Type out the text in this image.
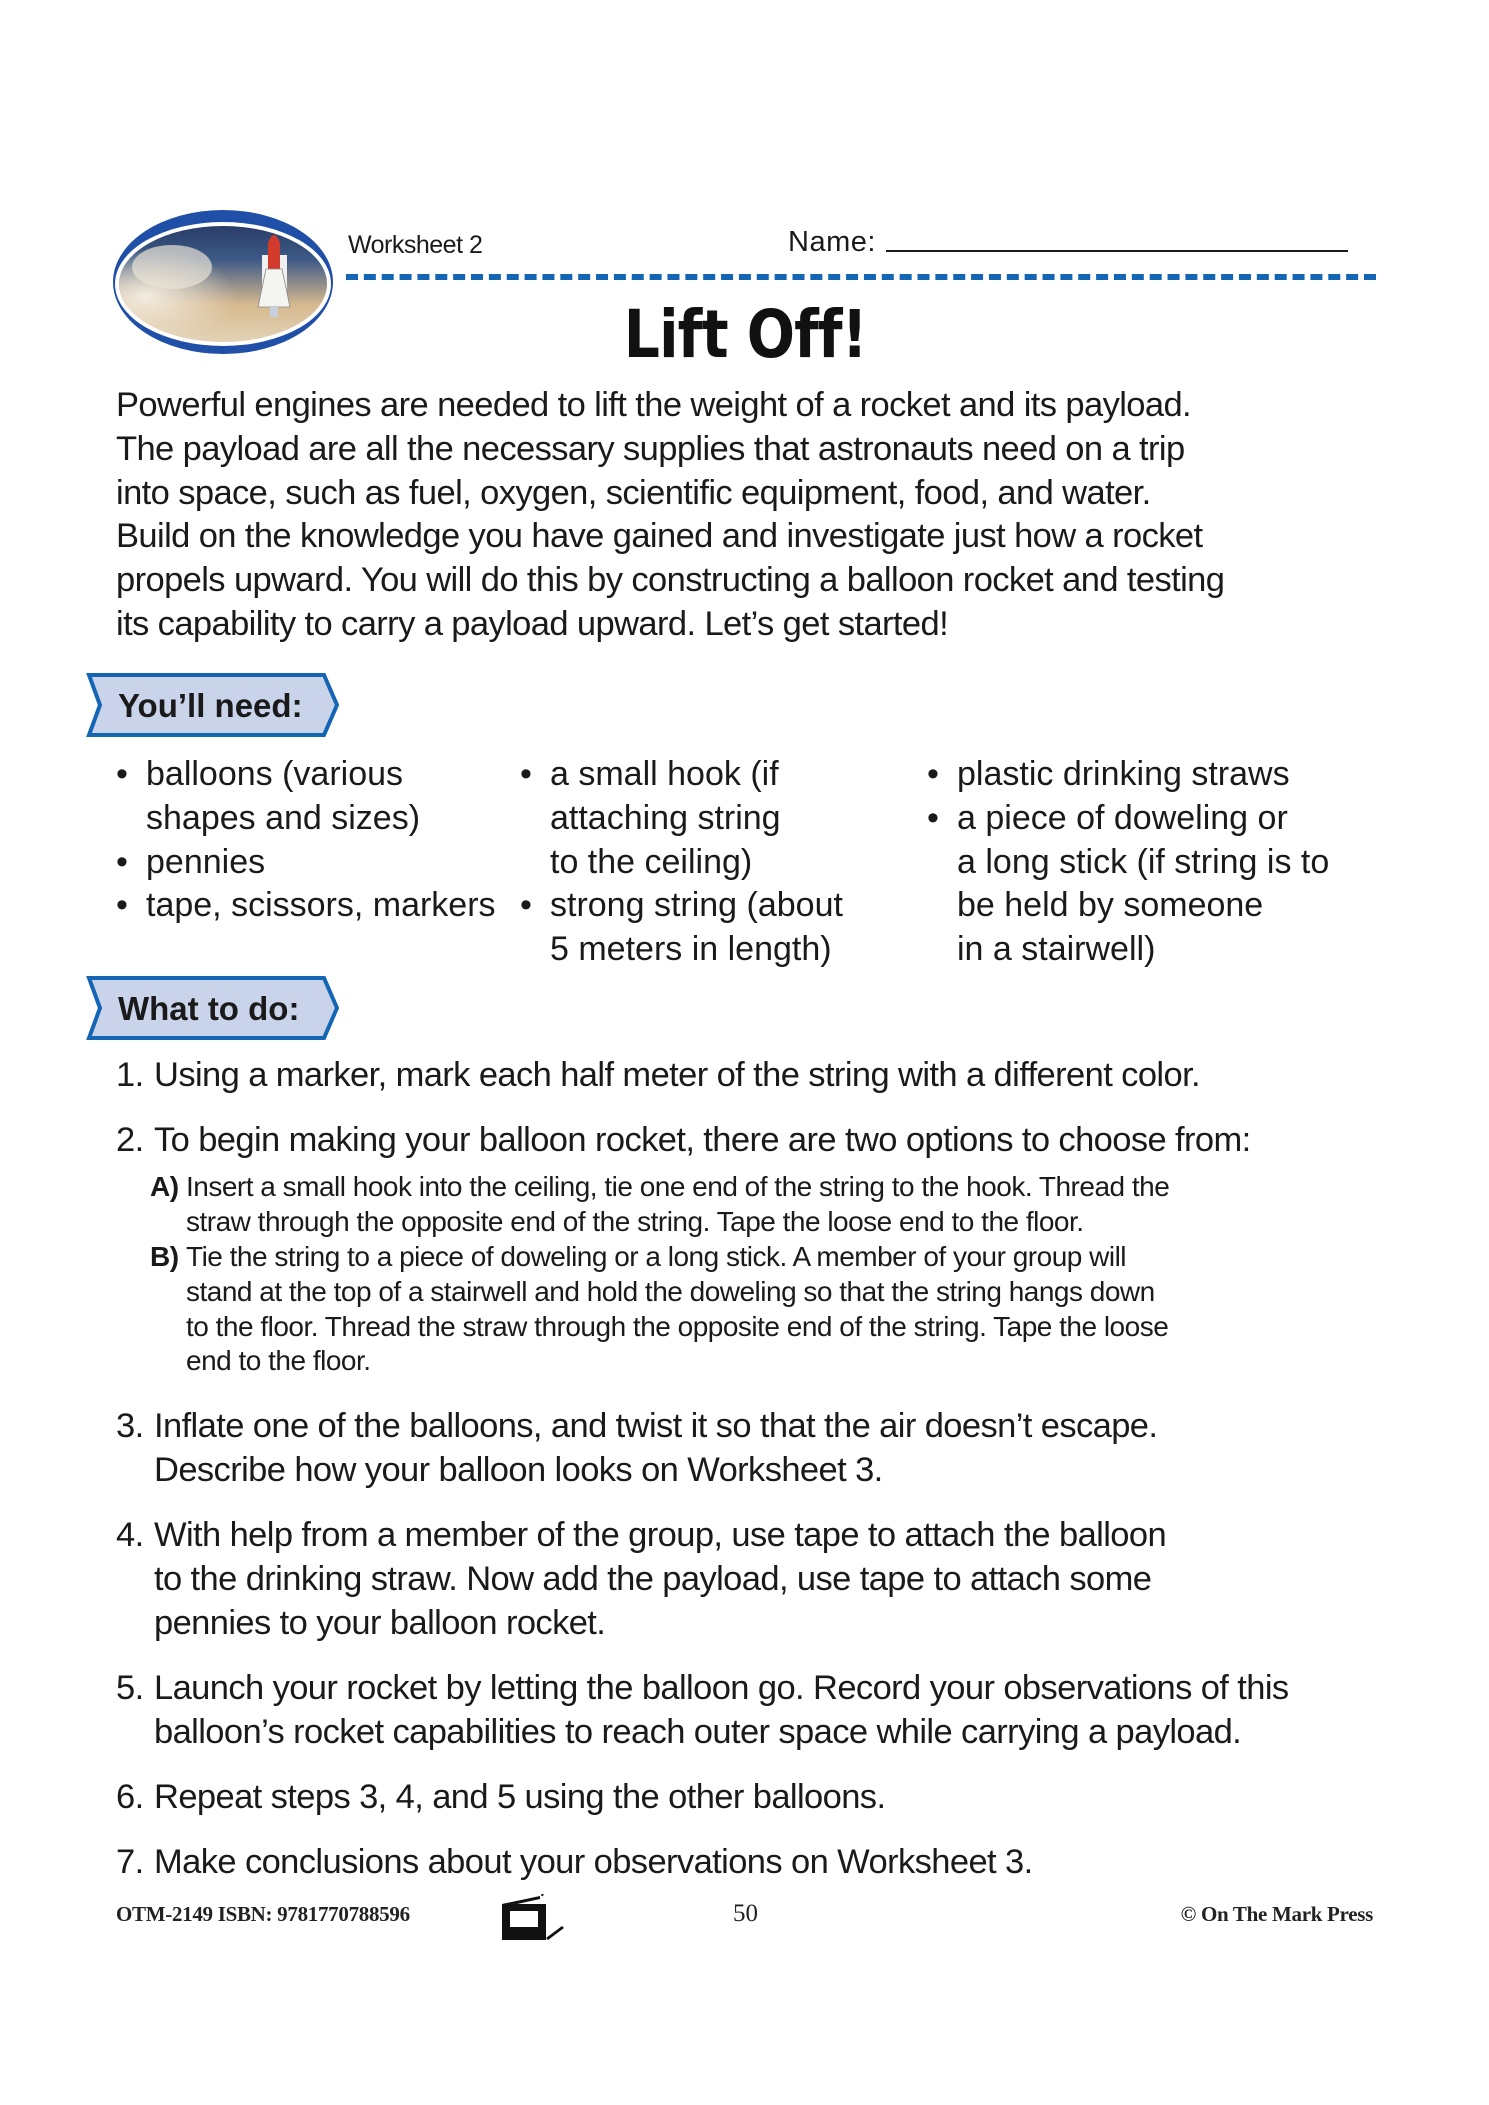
Worksheet 2	Name:
Lift Off!
Powerful engines are needed to lift the weight of a rocket and its payload.
The payload are all the necessary supplies that astronauts need on a trip
into space, such as fuel, oxygen, scientific equipment, food, and water.
Build on the knowledge you have gained and investigate just how a rocket
propels upward. You will do this by constructing a balloon rocket and testing
its capability to carry a payload upward. Let’s get started!
You’ll need:
• balloons (various
shapes and sizes)
• pennies
• tape, scissors, markers
• a small hook (if
attaching string
to the ceiling)
• strong string (about
5 meters in length)
• plastic drinking straws
• a piece of doweling or
a long stick (if string is to
be held by someone
in a stairwell)
What to do:
1. Using a marker, mark each half meter of the string with a different color.
2. To begin making your balloon rocket, there are two options to choose from:
A) Insert a small hook into the ceiling, tie one end of the string to the hook. Thread the
straw through the opposite end of the string. Tape the loose end to the floor.
B) Tie the string to a piece of doweling or a long stick. A member of your group will
stand at the top of a stairwell and hold the doweling so that the string hangs down
to the floor. Thread the straw through the opposite end of the string. Tape the loose
end to the floor.
3. Inflate one of the balloons, and twist it so that the air doesn’t escape.
Describe how your balloon looks on Worksheet 3.
4. With help from a member of the group, use tape to attach the balloon
to the drinking straw. Now add the payload, use tape to attach some
pennies to your balloon rocket.
5. Launch your rocket by letting the balloon go. Record your observations of this
balloon’s rocket capabilities to reach outer space while carrying a payload.
6. Repeat steps 3, 4, and 5 using the other balloons.
7. Make conclusions about your observations on Worksheet 3.
OTM-2149 ISBN: 9781770788596	50	© On The Mark Press
